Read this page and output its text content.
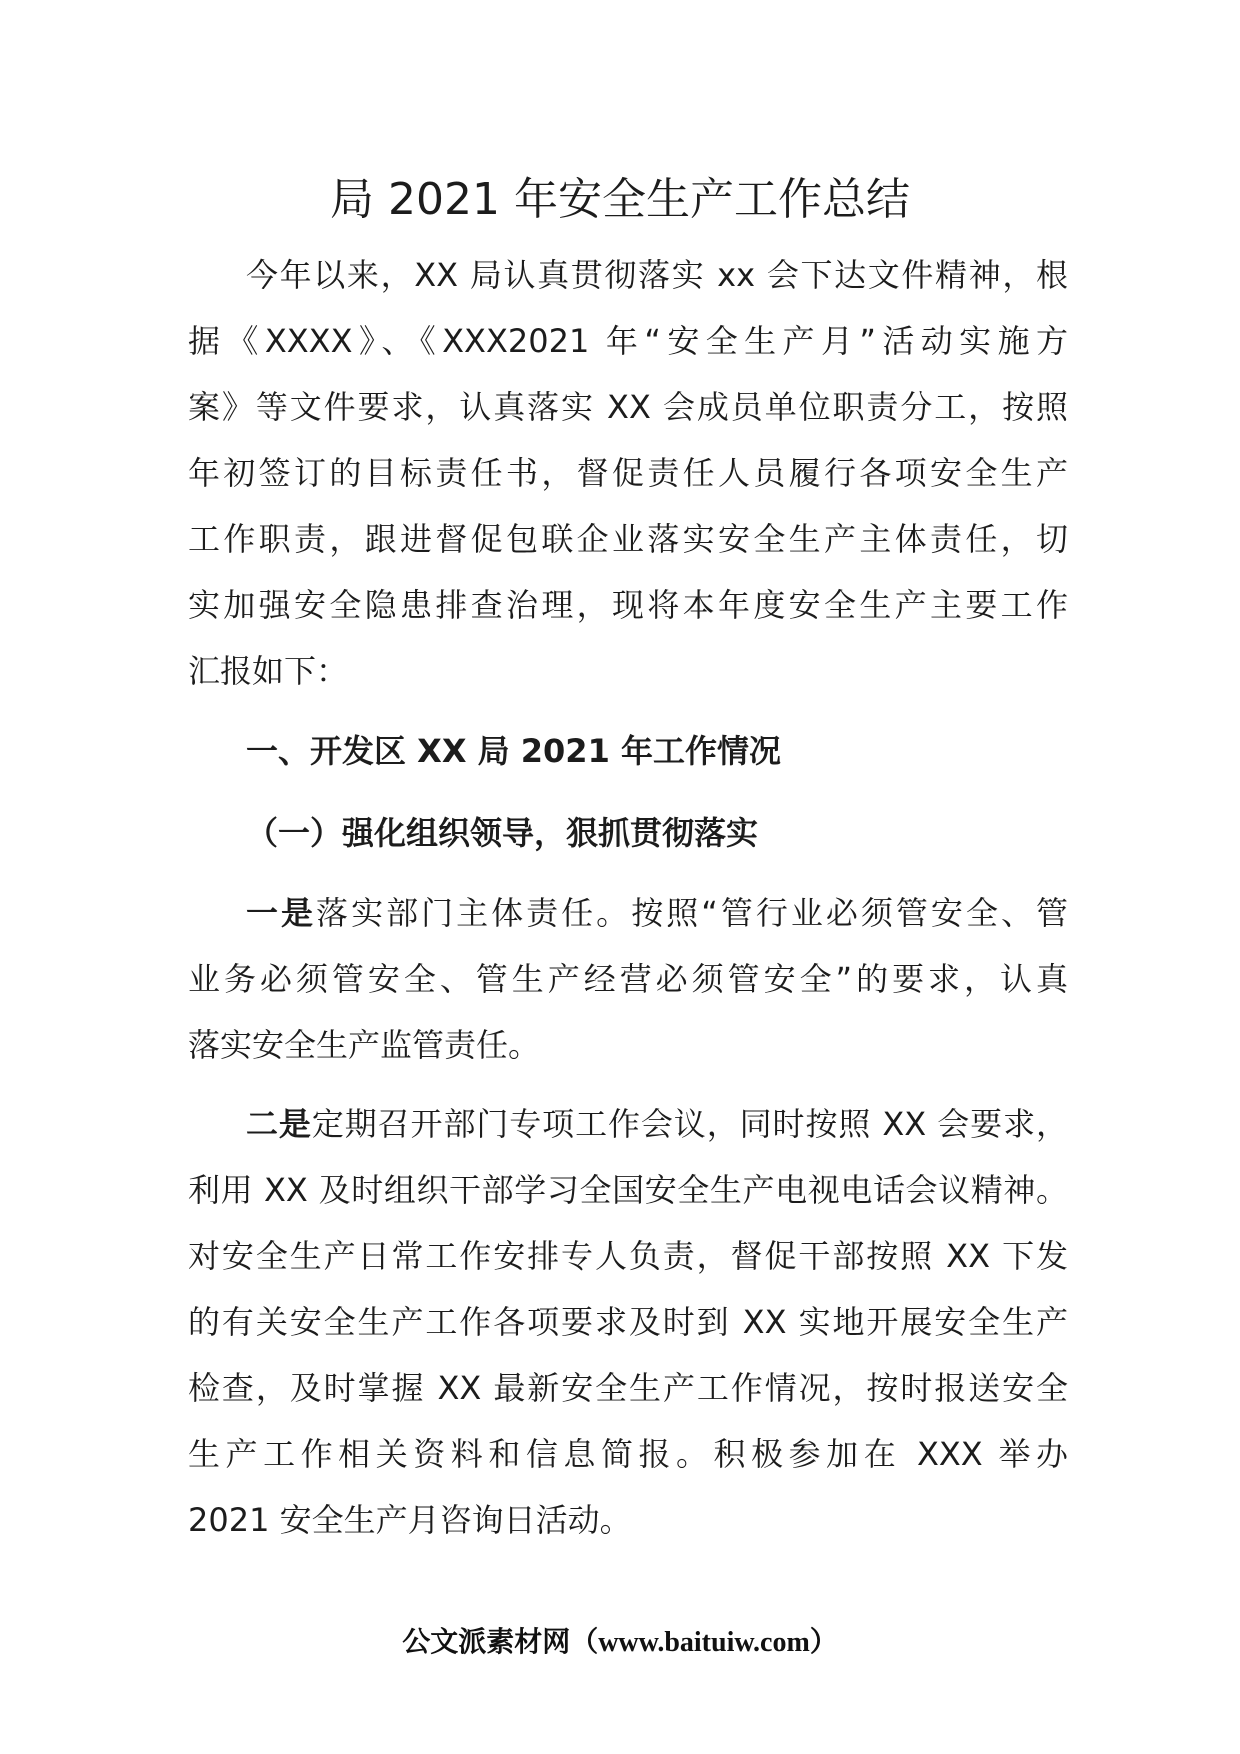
局 2021 年安全生产工作总结
今年以来，XX 局认真贯彻落实 xx 会下达文件精神，根
据《XXXX》、《XXX2021 年“安全生产月”活动实施方
案》等文件要求，认真落实 XX 会成员单位职责分工，按照
年初签订的目标责任书，督促责任人员履行各项安全生产
工作职责，跟进督促包联企业落实安全生产主体责任，切
实加强安全隐患排查治理，现将本年度安全生产主要工作
汇报如下：
一、开发区 XX 局 2021 年工作情况
（一）强化组织领导，狠抓贯彻落实
一是落实部门主体责任。按照“管行业必须管安全、管
业务必须管安全、管生产经营必须管安全”的要求，认真
落实安全生产监管责任。
二是定期召开部门专项工作会议，同时按照 XX 会要求，
利用 XX 及时组织干部学习全国安全生产电视电话会议精神。
对安全生产日常工作安排专人负责，督促干部按照 XX 下发
的有关安全生产工作各项要求及时到 XX 实地开展安全生产
检查，及时掌握 XX 最新安全生产工作情况，按时报送安全
生产工作相关资料和信息简报。积极参加在 XXX 举办
2021 安全生产月咨询日活动。
公文派素材网（www.baituiw.com）
